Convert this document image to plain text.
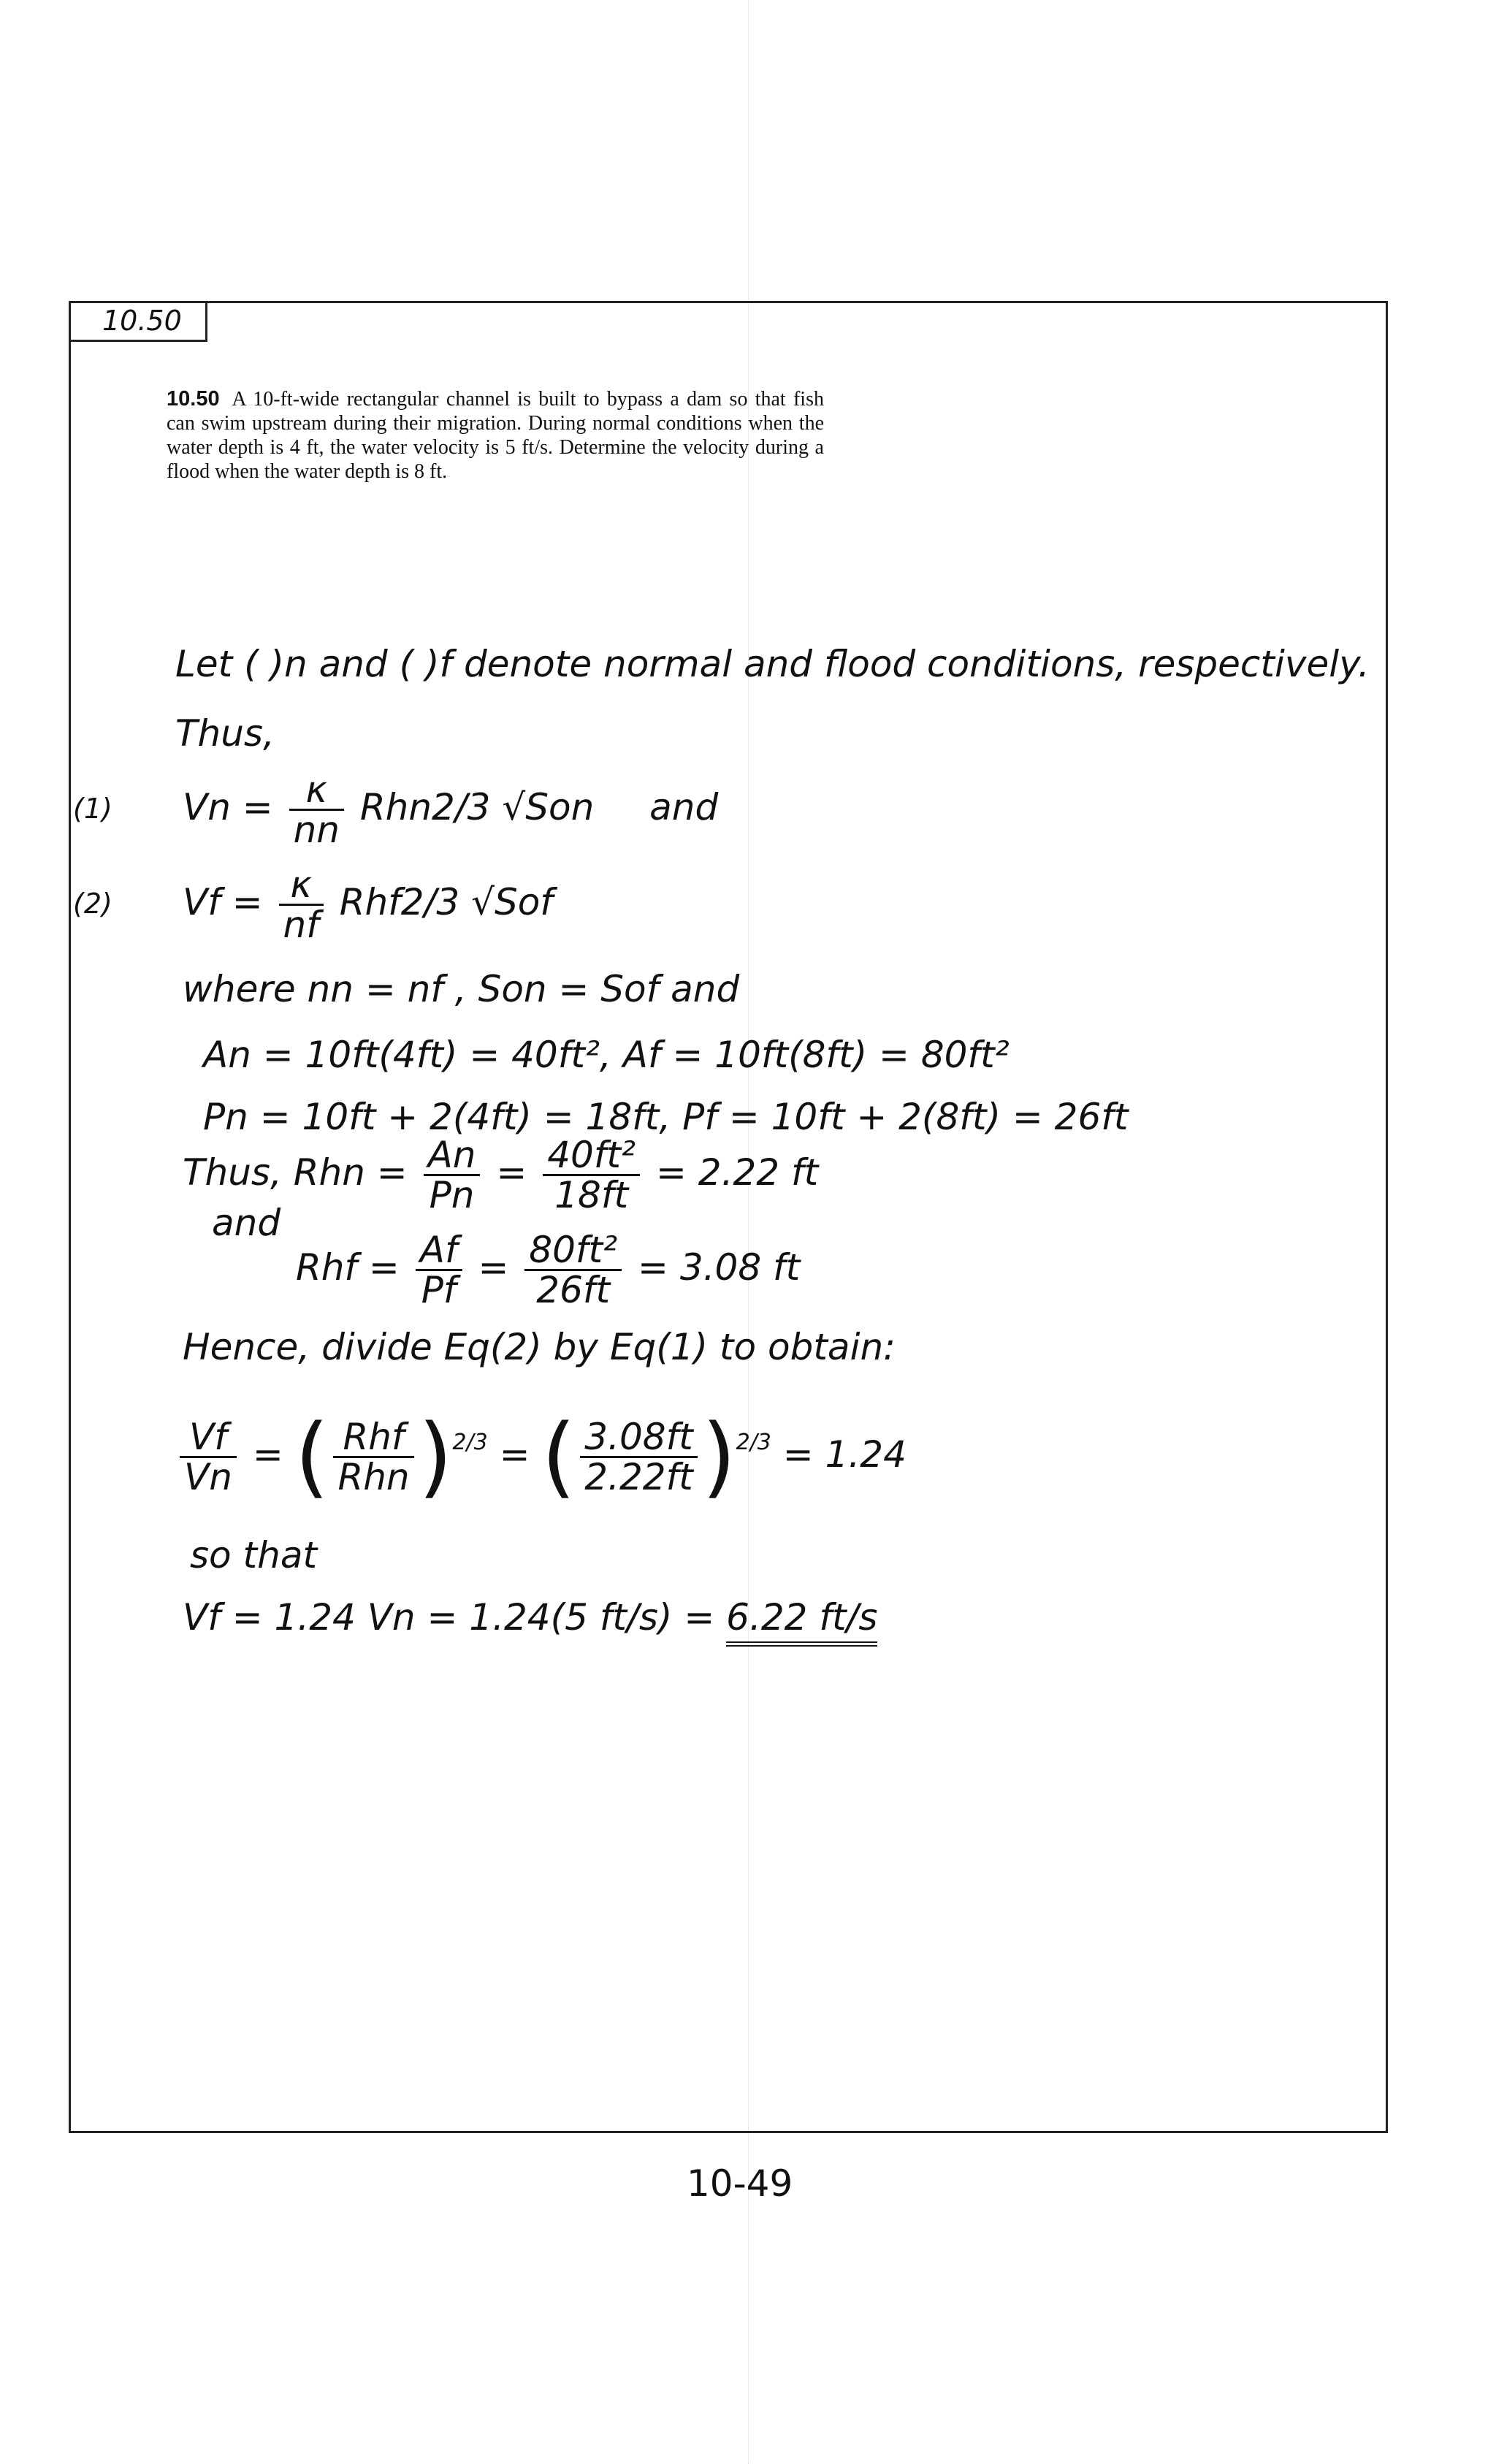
10.50
10.50 A 10-ft-wide rectangular channel is built to bypass a dam so that fish can swim upstream during their migration. During normal conditions when the water depth is 4 ft, the water velocity is 5 ft/s. Determine the velocity during a flood when the water depth is 8 ft.
Let ( )n and ( )f denote normal and flood conditions, respectively.
Thus,
(1) $Vn = \frac{\kappa}{nn} Rhn2/3$ √Son and
(2) $Vf = \frac{\kappa}{nf} Rhf2/3$ √Sof
where nn = nf , Son = Sof and
An = 10ft(4ft) = 40ft², Af = 10ft(8ft) = 80ft²
Pn = 10ft + 2(4ft) = 18ft, Pf = 10ft + 2(8ft) = 26ft
Thus, Rhn = $\frac{An}{Pn} = \frac{\text{40ft²}}{18ft} = 2.22$ ft
and
Rhf = $\frac{Af}{Pf} = \frac{\text{80ft²}}{26ft} = 3.08$ ft
Hence, divide Eq(2) by Eq(1) to obtain:
$\frac{Vf}{Vn}$ = ( $\frac{\text{Rhf}}{\text{Rhn}} )^{2/3}$ = ( $\frac{3.08ft}{2.22ft} )^{2/3} = 1.24$
so that
Vf = 1.24 Vn = 1.24(5 ft/s) = 6.22 ft/s
10-49
